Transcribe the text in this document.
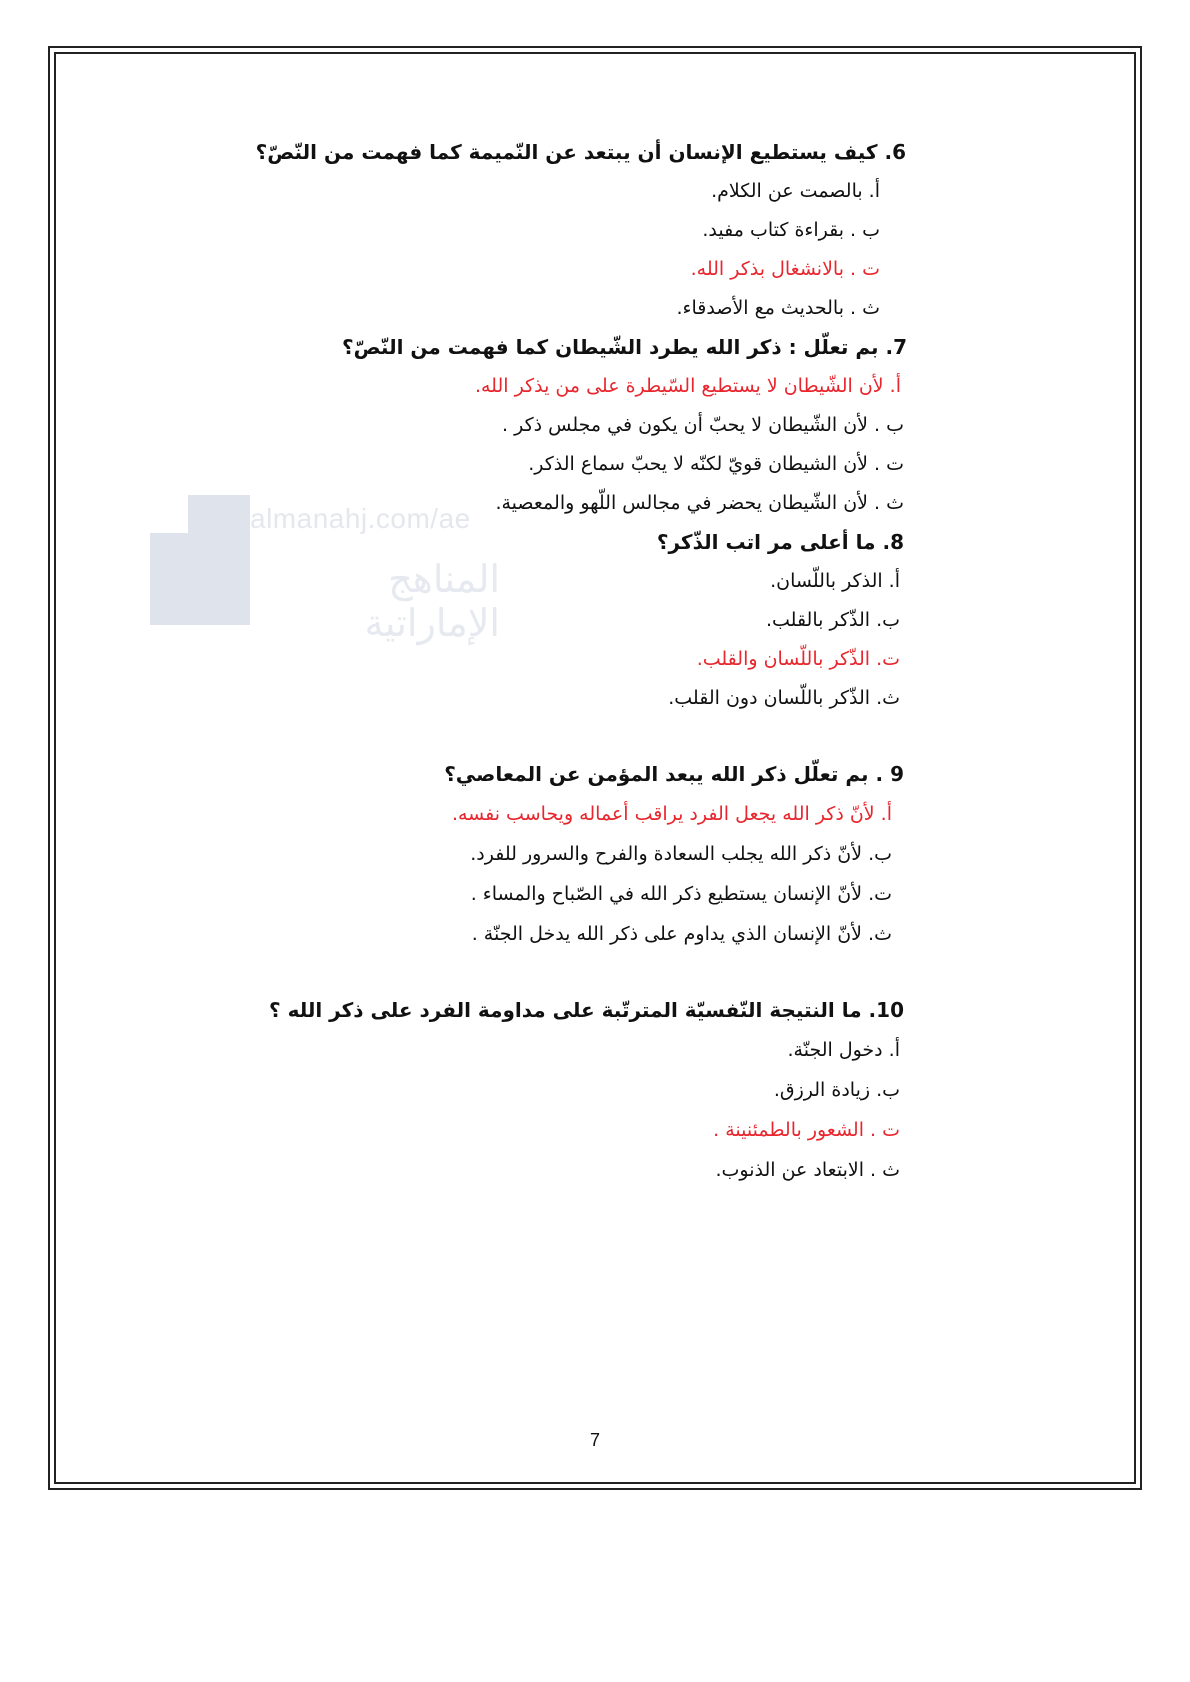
almanahj.com/ae
المناهج الإماراتية
6. كيف يستطيع الإنسان أن يبتعد عن النّميمة كما فهمت من النّصّ؟
أ. بالصمت عن الكلام.
ب . بقراءة كتاب مفيد.
ت . بالانشغال بذكر الله.
ث . بالحديث مع الأصدقاء.
7. بم تعلّل : ذكر الله يطرد الشّيطان كما فهمت من النّصّ؟
أ. لأن الشّيطان لا يستطيع السّيطرة على من يذكر الله.
ب . لأن الشّيطان لا يحبّ أن يكون في مجلس ذكر .
ت . لأن الشيطان قويّ لكنّه لا يحبّ سماع الذكر.
ث . لأن الشّيطان يحضر في مجالس اللّهو والمعصية.
8. ما أعلى مر اتب الذّكر؟
أ. الذكر باللّسان.
ب. الذّكر بالقلب.
ت. الذّكر باللّسان والقلب.
ث. الذّكر باللّسان دون القلب.
9 . بم تعلّل ذكر الله يبعد المؤمن عن المعاصي؟
أ. لأنّ ذكر الله يجعل الفرد يراقب أعماله ويحاسب نفسه.
ب. لأنّ ذكر الله يجلب السعادة والفرح والسرور للفرد.
ت. لأنّ الإنسان يستطيع ذكر الله في الصّباح والمساء .
ث. لأنّ الإنسان الذي يداوم على ذكر الله يدخل الجنّة .
10. ما النتيجة النّفسيّة المترتّبة على مداومة الفرد على ذكر الله ؟
أ. دخول الجنّة.
ب. زيادة الرزق.
ت . الشعور بالطمئنينة .
ث . الابتعاد عن الذنوب.
7
